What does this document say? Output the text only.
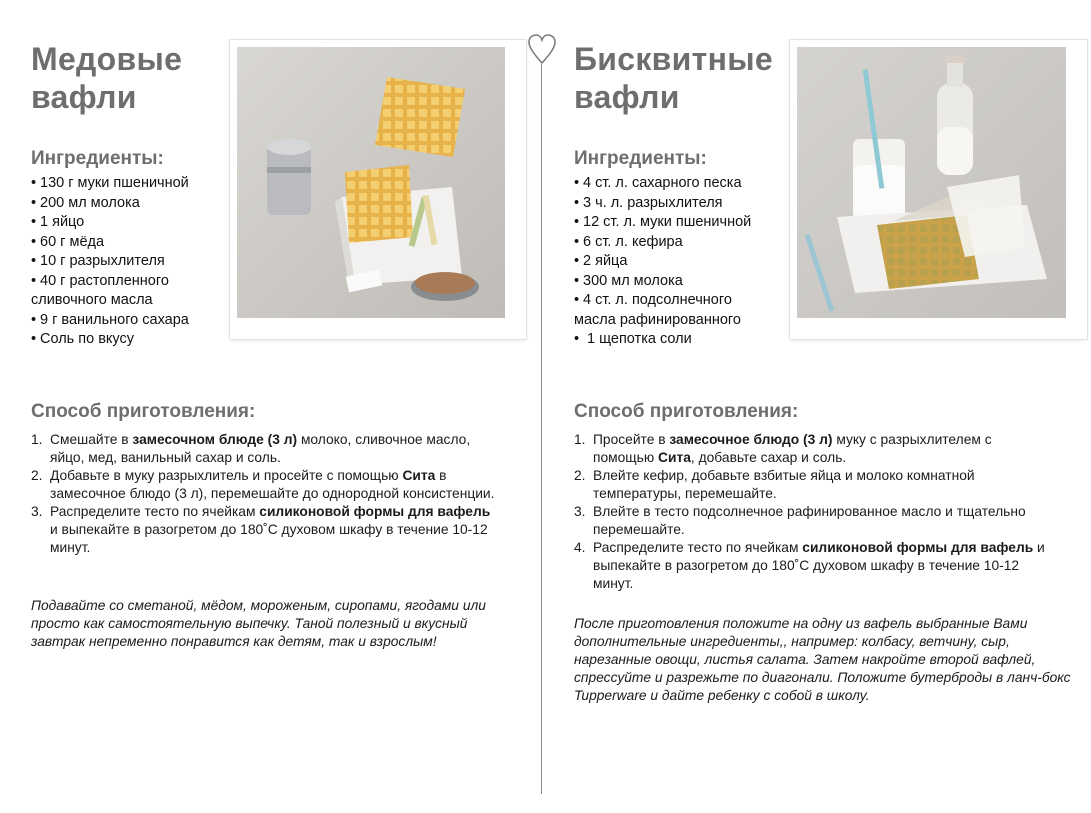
Медовые
вафли
Ингредиенты:
• 130 г муки пшеничной
• 200 мл молока
• 1 яйцо
• 60 г мёда
• 10 г разрыхлителя
• 40 г растопленного
сливочного масла
• 9 г ванильного сахара
• Соль по вкусу
Способ приготовления:
1. Смешайте в замесочном блюде (3 л) молоко, сливочное масло, яйцо, мед, ванильный сахар и соль.
2. Добавьте в муку разрыхлитель и просейте с помощью Сита в замесочное блюдо (3 л), перемешайте до однородной консистенции.
3. Распределите тесто по ячейкам силиконовой формы для вафель и выпекайте в разогретом до 180˚С духовом шкафу в течение 10-12 минут.

Подавайте со сметаной, мёдом, мороженым, сиропами, ягодами или просто как самостоятельную выпечку. Таной полезный и вкусный завтрак непременно понравится как детям, так и взрослым!

Бисквитные
вафли
Ингредиенты:
• 4 ст. л. сахарного песка
• 3 ч. л. разрыхлителя
• 12 ст. л. муки пшеничной
• 6 ст. л. кефира
• 2 яйца
• 300 мл молока
• 4 ст. л. подсолнечного
масла рафинированного
• 1 щепотка соли
Способ приготовления:
1. Просейте в замесочное блюдо (3 л) муку с разрыхлителем с помощью Сита, добавьте сахар и соль.
2. Влейте кефир, добавьте взбитые яйца и молоко комнатной температуры, перемешайте.
3. Влейте в тесто подсолнечное рафинированное масло и тщательно перемешайте.
4. Распределите тесто по ячейкам силиконовой формы для вафель и выпекайте в разогретом до 180˚С духовом шкафу в течение 10-12 минут.

После приготовления положите на одну из вафель выбранные Вами дополнительные ингредиенты,, например: колбасу, ветчину, сыр, нарезанные овощи, листья салата. Затем накройте второй вафлей, спрессуйте и разрежьте по диагонали. Положите бутерброды в ланч-бокс Tupperware и дайте ребенку с собой в школу.
